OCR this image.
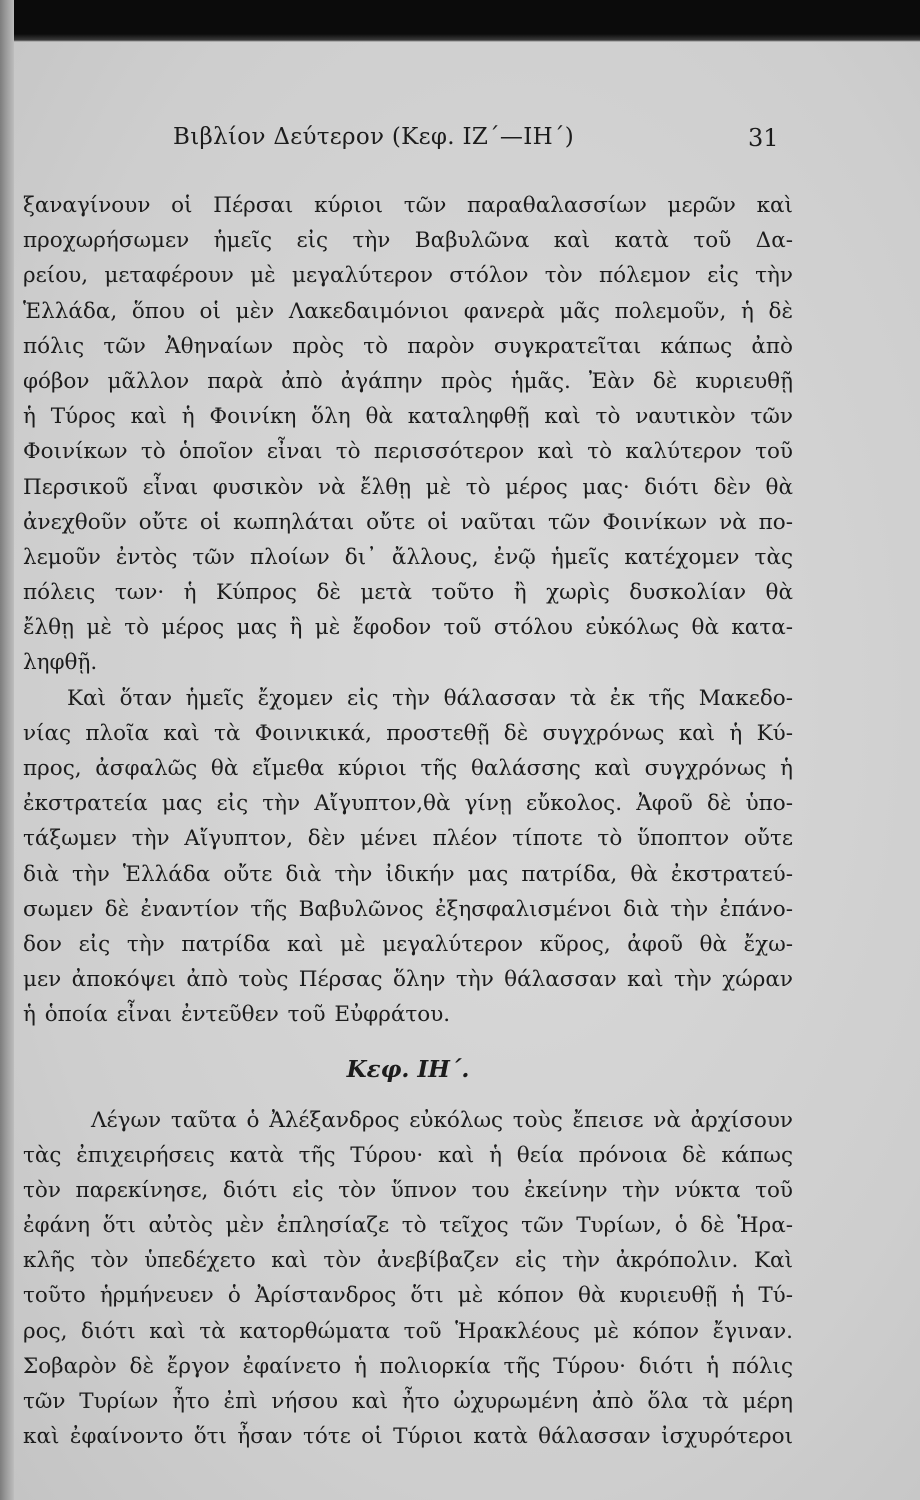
Βιβλίον Δεύτερον (Κεφ. ΙΖ΄—ΙΗ΄)	31
ξαναγίνουν οἱ Πέρσαι κύριοι τῶν παραθαλασσίων μερῶν καὶ
προχωρήσωμεν ἡμεῖς εἰς τὴν Βαβυλῶνα καὶ κατὰ τοῦ Δα-
ρείου, μεταφέρουν μὲ μεγαλύτερον στόλον τὸν πόλεμον εἰς τὴν
Ἑλλάδα, ὅπου οἱ μὲν Λακεδαιμόνιοι φανερὰ μᾶς πολεμοῦν, ἡ δὲ
πόλις τῶν Ἀθηναίων πρὸς τὸ παρὸν συγκρατεῖται κάπως ἀπὸ
φόβον μᾶλλον παρὰ ἀπὸ ἀγάπην πρὸς ἡμᾶς. Ἐὰν δὲ κυριευθῇ
ἡ Τύρος καὶ ἡ Φοινίκη ὅλη θὰ καταληφθῇ καὶ τὸ ναυτικὸν τῶν
Φοινίκων τὸ ὁποῖον εἶναι τὸ περισσότερον καὶ τὸ καλύτερον τοῦ
Περσικοῦ εἶναι φυσικὸν νὰ ἔλθῃ μὲ τὸ μέρος μας· διότι δὲν θὰ
ἀνεχθοῦν οὔτε οἱ κωπηλάται οὔτε οἱ ναῦται τῶν Φοινίκων νὰ πο-
λεμοῦν ἐντὸς τῶν πλοίων δι᾽ ἄλλους, ἐνῷ ἡμεῖς κατέχομεν τὰς
πόλεις των· ἡ Κύπρος δὲ μετὰ τοῦτο ἢ χωρὶς δυσκολίαν θὰ
ἔλθῃ μὲ τὸ μέρος μας ἢ μὲ ἔφοδον τοῦ στόλου εὐκόλως θὰ κατα-
ληφθῇ.
Καὶ ὅταν ἡμεῖς ἔχομεν εἰς τὴν θάλασσαν τὰ ἐκ τῆς Μακεδο-
νίας πλοῖα καὶ τὰ Φοινικικά, προστεθῇ δὲ συγχρόνως καὶ ἡ Κύ-
προς, ἀσφαλῶς θὰ εἴμεθα κύριοι τῆς θαλάσσης καὶ συγχρόνως ἡ
ἐκστρατεία μας εἰς τὴν Αἴγυπτον,θὰ γίνῃ εὔκολος. Ἀφοῦ δὲ ὑπο-
τάξωμεν τὴν Αἴγυπτον, δὲν μένει πλέον τίποτε τὸ ὕποπτον οὔτε
διὰ τὴν Ἑλλάδα οὔτε διὰ τὴν ἰδικήν μας πατρίδα, θὰ ἐκστρατεύ-
σωμεν δὲ ἐναντίον τῆς Βαβυλῶνος ἐξησφαλισμένοι διὰ τὴν ἐπάνο-
δον εἰς τὴν πατρίδα καὶ μὲ μεγαλύτερον κῦρος, ἀφοῦ θὰ ἔχω-
μεν ἀποκόψει ἀπὸ τοὺς Πέρσας ὅλην τὴν θάλασσαν καὶ τὴν χώραν
ἡ ὁποία εἶναι ἐντεῦθεν τοῦ Εὐφράτου.
Κεφ. ΙΗ΄.
Λέγων ταῦτα ὁ Ἀλέξανδρος εὐκόλως τοὺς ἔπεισε νὰ ἀρχίσουν
τὰς ἐπιχειρήσεις κατὰ τῆς Τύρου· καὶ ἡ θεία πρόνοια δὲ κάπως
τὸν παρεκίνησε, διότι εἰς τὸν ὕπνον του ἐκείνην τὴν νύκτα τοῦ
ἐφάνη ὅτι αὐτὸς μὲν ἐπλησίαζε τὸ τεῖχος τῶν Τυρίων, ὁ δὲ Ἡρα-
κλῆς τὸν ὑπεδέχετο καὶ τὸν ἀνεβίβαζεν εἰς τὴν ἀκρόπολιν. Καὶ
τοῦτο ἡρμήνευεν ὁ Ἀρίστανδρος ὅτι μὲ κόπον θὰ κυριευθῇ ἡ Τύ-
ρος, διότι καὶ τὰ κατορθώματα τοῦ Ἡρακλέους μὲ κόπον ἔγιναν.
Σοβαρὸν δὲ ἔργον ἐφαίνετο ἡ πολιορκία τῆς Τύρου· διότι ἡ πόλις
τῶν Τυρίων ἦτο ἐπὶ νήσου καὶ ἦτο ὠχυρωμένη ἀπὸ ὅλα τὰ μέρη
καὶ ἐφαίνοντο ὅτι ἦσαν τότε οἱ Τύριοι κατὰ θάλασσαν ἰσχυρότεροι
